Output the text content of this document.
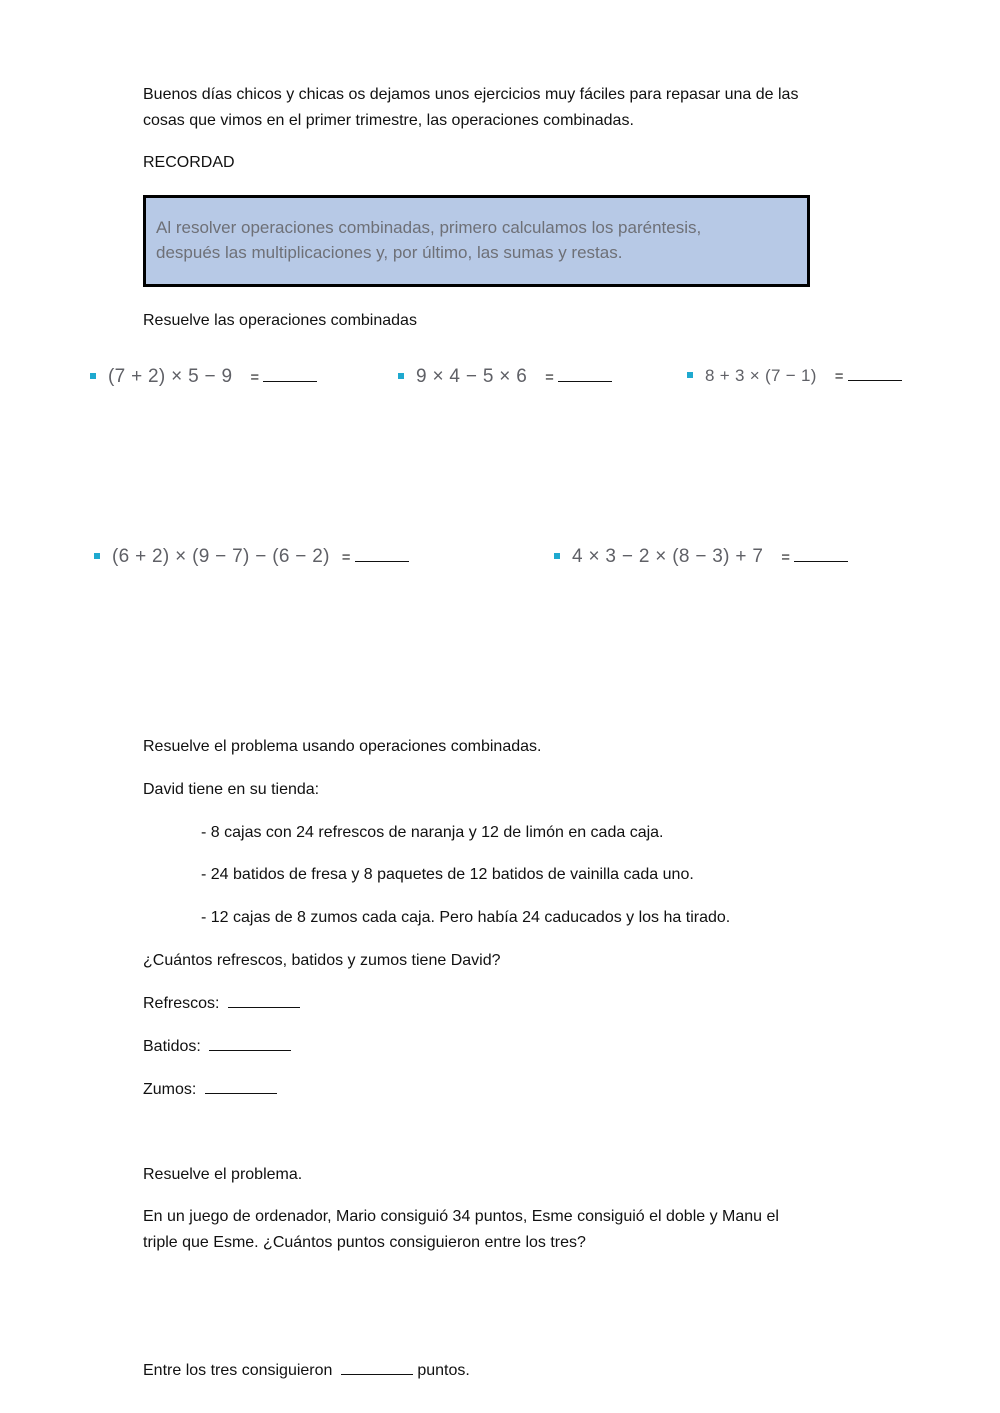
Buenos días chicos y chicas os dejamos unos ejercicios muy fáciles para repasar una de las
cosas que vimos en el primer trimestre, las operaciones combinadas.
RECORDAD
Al resolver operaciones combinadas, primero calculamos los paréntesis,
después las multiplicaciones y, por último, las sumas y restas.
Resuelve las operaciones combinadas
(7 + 2) × 5 − 9 =	9 × 4 − 5 × 6 =	8 + 3 × (7 − 1) =
(6 + 2) × (9 − 7) − (6 − 2) =	4 × 3 − 2 × (8 − 3) + 7 =
Resuelve el problema usando operaciones combinadas.
David tiene en su tienda:
- 8 cajas con 24 refrescos de naranja y 12 de limón en cada caja.
- 24 batidos de fresa y 8 paquetes de 12 batidos de vainilla cada uno.
- 12 cajas de 8 zumos cada caja. Pero había 24 caducados y los ha tirado.
¿Cuántos refrescos, batidos y zumos tiene David?
Refrescos:
Batidos:
Zumos:
Resuelve el problema.
En un juego de ordenador, Mario consiguió 34 puntos, Esme consiguió el doble y Manu el
triple que Esme. ¿Cuántos puntos consiguieron entre los tres?
Entre los tres consiguieron	puntos.
